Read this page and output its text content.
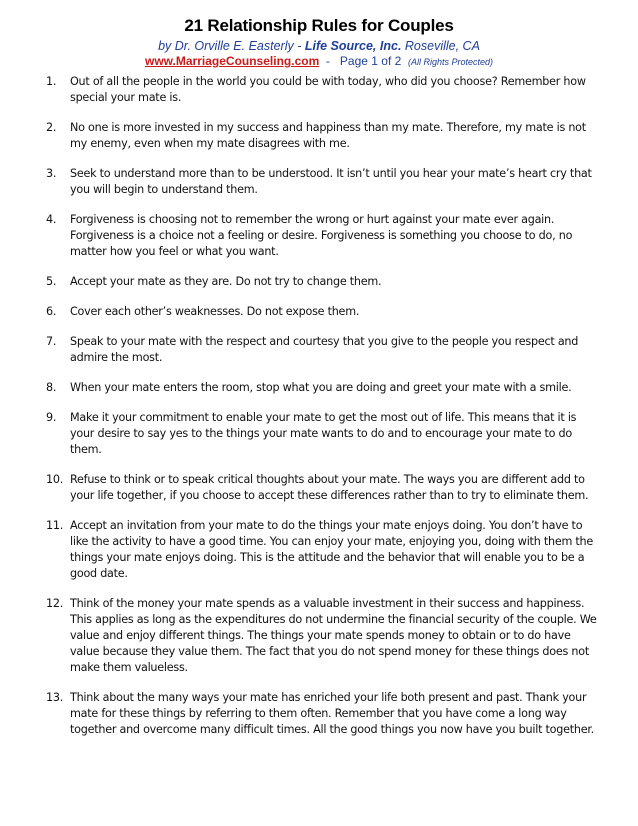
21 Relationship Rules for Couples
by Dr. Orville E. Easterly - Life Source, Inc. Roseville, CA
www.MarriageCounseling.com  -   Page 1 of 2  (All Rights Protected)
1.	Out of all the people in the world you could be with today, who did you choose? Remember how special your mate is.
2.	No one is more invested in my success and happiness than my mate. Therefore, my mate is not my enemy, even when my mate disagrees with me.
3.	Seek to understand more than to be understood. It isn’t until you hear your mate’s heart cry that you will begin to understand them.
4.	Forgiveness is choosing not to remember the wrong or hurt against your mate ever again. Forgiveness is a choice not a feeling or desire. Forgiveness is something you choose to do, no matter how you feel or what you want.
5.	Accept your mate as they are. Do not try to change them.
6.	Cover each other’s weaknesses. Do not expose them.
7.	Speak to your mate with the respect and courtesy that you give to the people you respect and admire the most.
8.	When your mate enters the room, stop what you are doing and greet your mate with a smile.
9.	Make it your commitment to enable your mate to get the most out of life. This means that it is your desire to say yes to the things your mate wants to do and to encourage your mate to do them.
10. Refuse to think or to speak critical thoughts about your mate. The ways you are different add to your life together, if you choose to accept these differences rather than to try to eliminate them.
11. Accept an invitation from your mate to do the things your mate enjoys doing. You don’t have to like the activity to have a good time. You can enjoy your mate, enjoying you, doing with them the things your mate enjoys doing. This is the attitude and the behavior that will enable you to be a good date.
12. Think of the money your mate spends as a valuable investment in their success and happiness. This applies as long as the expenditures do not undermine the financial security of the couple. We value and enjoy different things. The things your mate spends money to obtain or to do have value because they value them. The fact that you do not spend money for these things does not make them valueless.
13. Think about the many ways your mate has enriched your life both present and past. Thank your mate for these things by referring to them often. Remember that you have come a long way together and overcome many difficult times. All the good things you now have you built together.
